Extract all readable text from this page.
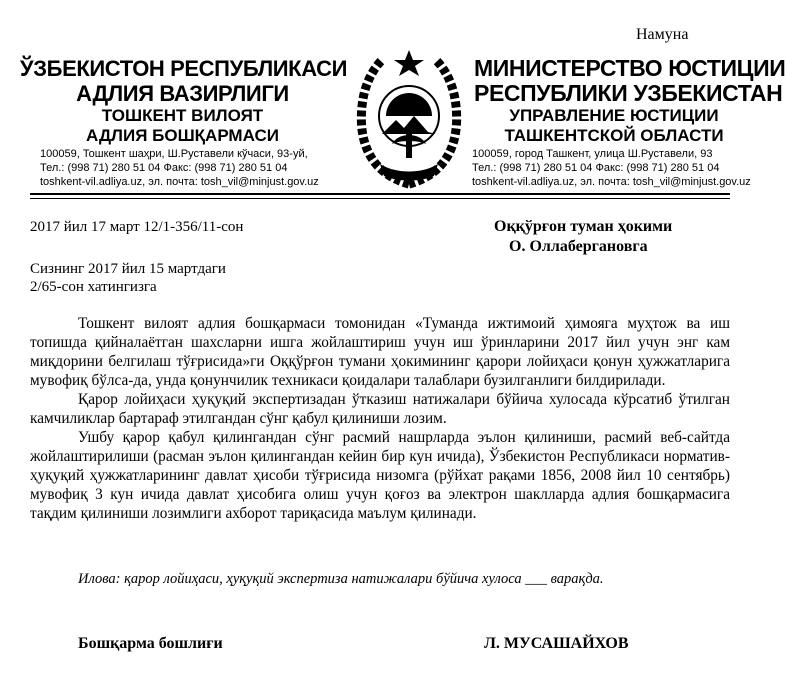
Намуна
ЎЗБЕКИСТОН РЕСПУБЛИКАСИ
АДЛИЯ ВАЗИРЛИГИ
ТОШКЕНТ ВИЛОЯТ
АДЛИЯ БОШҚАРМАСИ
МИНИСТЕРСТВО ЮСТИЦИИ
РЕСПУБЛИКИ УЗБЕКИСТАН
УПРАВЛЕНИЕ ЮСТИЦИИ
ТАШКЕНТСКОЙ ОБЛАСТИ
100059, Тошкент шаҳри, Ш.Руставели кўчаси, 93-уй,
Тел.: (998 71) 280 51 04 Факс: (998 71) 280 51 04
toshkent-vil.adliya.uz, эл. почта: tosh_vil@minjust.gov.uz
100059, город Ташкент, улица Ш.Руставели, 93
Тел.: (998 71) 280 51 04 Факс: (998 71) 280 51 04
toshkent-vil.adliya.uz, эл. почта: tosh_vil@minjust.gov.uz
2017 йил 17 март 12/1-356/11-сон	Оққўрғон туман ҳокими
О. Оллабергановга
Сизнинг 2017 йил 15 мартдаги
2/65-сон хатингизга

Тошкент вилоят адлия бошқармаси томонидан «Туманда ижтимоий ҳимояга муҳтож ва иш топишда қийналаётган шахсларни ишга жойлаштириш учун иш ўринларини 2017 йил учун энг кам миқдорини белгилаш тўғрисида»ги Оққўрғон тумани ҳокимининг қарори лойиҳаси қонун ҳужжатларига мувофиқ бўлса-да, унда қонунчилик техникаси қоидалари талаблари бузилганлиги билдирилади.

Қарор лойиҳаси ҳуқуқий экспертизадан ўтказиш натижалари бўйича хулосада кўрсатиб ўтилган камчиликлар бартараф этилгандан сўнг қабул қилиниши лозим.

Ушбу қарор қабул қилингандан сўнг расмий нашрларда эълон қилиниши, расмий веб-сайтда жойлаштирилиши (расман эълон қилингандан кейин бир кун ичида), Ўзбекистон Республикаси норматив-ҳуқуқий ҳужжатларининг давлат ҳисоби тўғрисида низомга (рўйхат рақами 1856, 2008 йил 10 сентябрь) мувофиқ 3 кун ичида давлат ҳисобига олиш учун қоғоз ва электрон шаклларда адлия бошқармасига тақдим қилиниши лозимлиги ахборот тариқасида маълум қилинади.

Илова: қарор лойиҳаси, ҳуқуқий экспертиза натижалари бўйича хулоса ___ варақда.
Бошқарма бошлиғи	Л. МУСАШАЙХОВ
